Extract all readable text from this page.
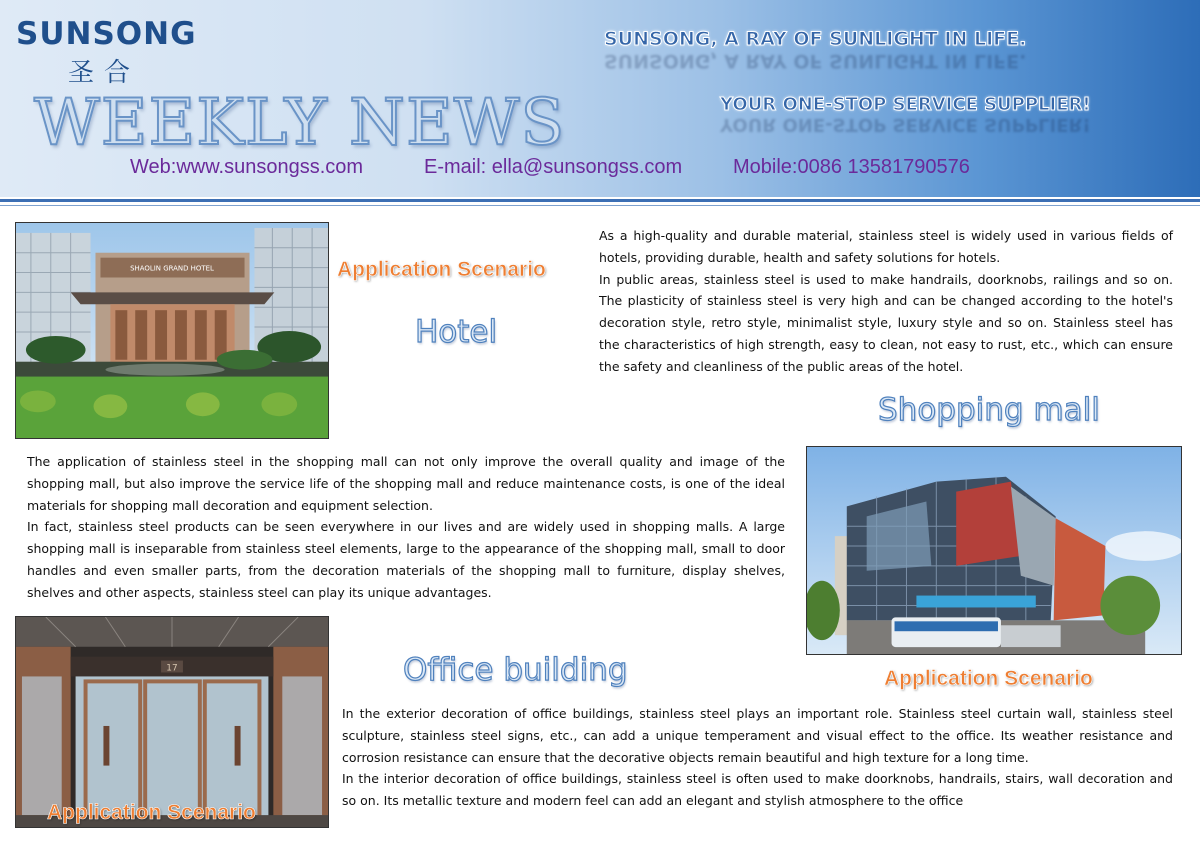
SUNSONG
圣合
WEEKLY NEWS
SUNSONG, A RAY OF SUNLIGHT IN LIFE.
SUNSONG, A RAY OF SUNLIGHT IN LIFE.
YOUR ONE-STOP SERVICE SUPPLIER!
YOUR ONE-STOP SERVICE SUPPLIER!
Web:www.sunsongss.com	E-mail: ella@sunsongss.com	Mobile:0086 13581790576
SHAOLIN GRAND HOTEL	Application Scenario
Hotel
As a high-quality and durable material, stainless steel is widely used in various fields of hotels, providing durable, health and safety solutions for hotels.
In public areas, stainless steel is used to make handrails, doorknobs, railings and so on. The plasticity of stainless steel is very high and can be changed according to the hotel's decoration style, retro style, minimalist style, luxury style and so on. Stainless steel has the characteristics of high strength, easy to clean, not easy to rust, etc., which can ensure the safety and cleanliness of the public areas of the hotel.
Shopping mall
The application of stainless steel in the shopping mall can not only improve the overall quality and image of the shopping mall, but also improve the service life of the shopping mall and reduce maintenance costs, is one of the ideal materials for shopping mall decoration and equipment selection.
In fact, stainless steel products can be seen everywhere in our lives and are widely used in shopping malls. A large shopping mall is inseparable from stainless steel elements, large to the appearance of the shopping mall, small to door handles and even smaller parts, from the decoration materials of the shopping mall to furniture, display shelves, shelves and other aspects, stainless steel can play its unique advantages.
Application Scenario
17
Application Scenario
Office building
In the exterior decoration of office buildings, stainless steel plays an important role. Stainless steel curtain wall, stainless steel sculpture, stainless steel signs, etc., can add a unique temperament and visual effect to the office. Its weather resistance and corrosion resistance can ensure that the decorative objects remain beautiful and high texture for a long time.
In the interior decoration of office buildings, stainless steel is often used to make doorknobs, handrails, stairs, wall decoration and so on. Its metallic texture and modern feel can add an elegant and stylish atmosphere to the office
